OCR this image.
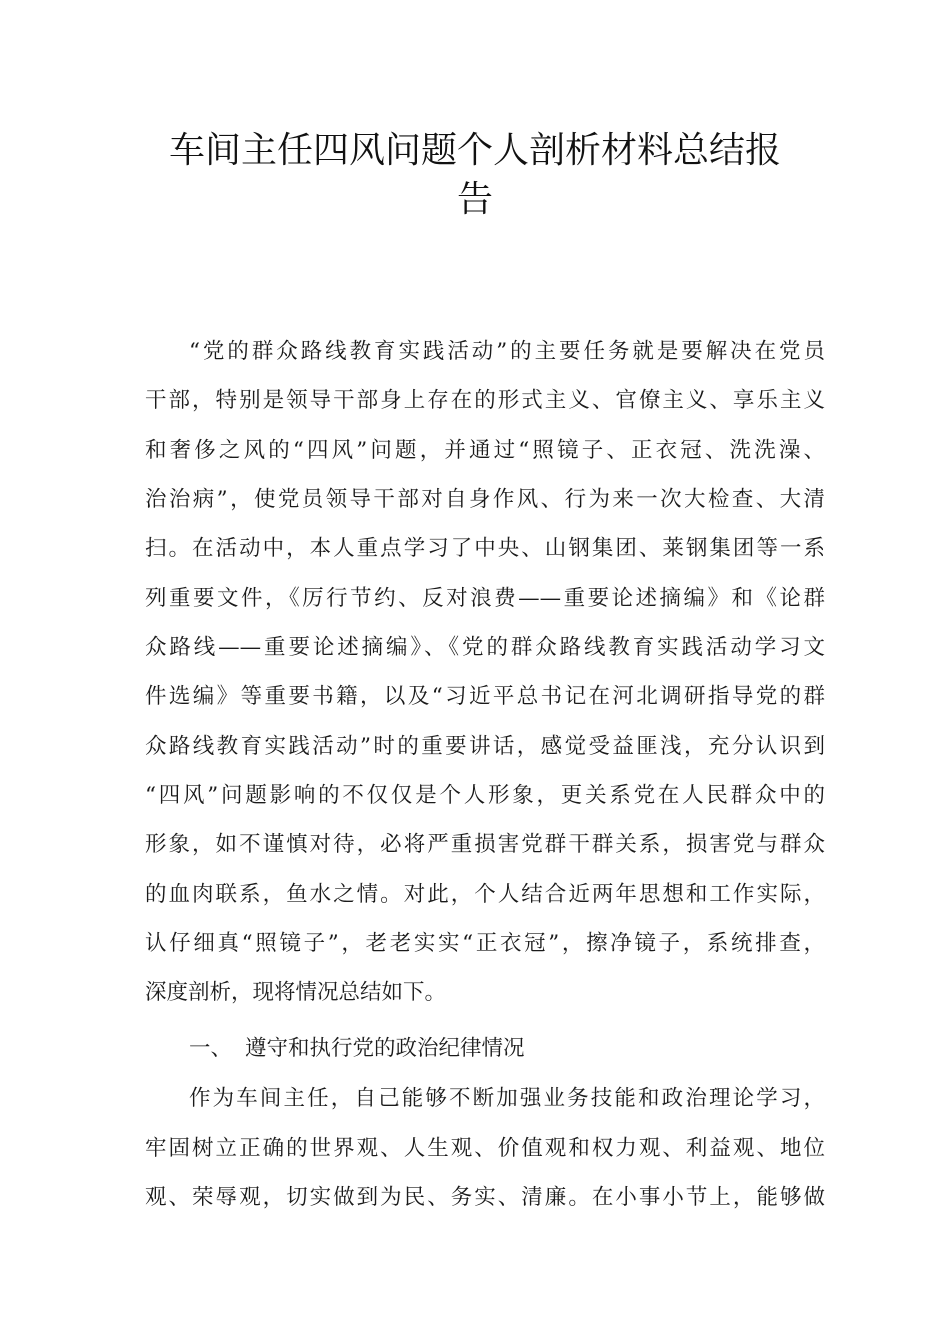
车间主任四风问题个人剖析材料总结报
告
“党的群众路线教育实践活动”的主要任务就是要解决在党员
干部，特别是领导干部身上存在的形式主义、官僚主义、享乐主义
和奢侈之风的“四风”问题，并通过“照镜子、正衣冠、洗洗澡、
治治病”，使党员领导干部对自身作风、行为来一次大检查、大清
扫。在活动中，本人重点学习了中央、山钢集团、莱钢集团等一系
列重要文件，《厉行节约、反对浪费——重要论述摘编》和《论群
众路线——重要论述摘编》、《党的群众路线教育实践活动学习文
件选编》等重要书籍，以及“习近平总书记在河北调研指导党的群
众路线教育实践活动”时的重要讲话，感觉受益匪浅，充分认识到
“四风”问题影响的不仅仅是个人形象，更关系党在人民群众中的
形象，如不谨慎对待，必将严重损害党群干群关系，损害党与群众
的血肉联系，鱼水之情。对此，个人结合近两年思想和工作实际，
认仔细真“照镜子”，老老实实“正衣冠”，擦净镜子，系统排查，
深度剖析，现将情况总结如下。
一、 遵守和执行党的政治纪律情况
作为车间主任，自己能够不断加强业务技能和政治理论学习，
牢固树立正确的世界观、人生观、价值观和权力观、利益观、地位
观、荣辱观，切实做到为民、务实、清廉。在小事小节上，能够做
